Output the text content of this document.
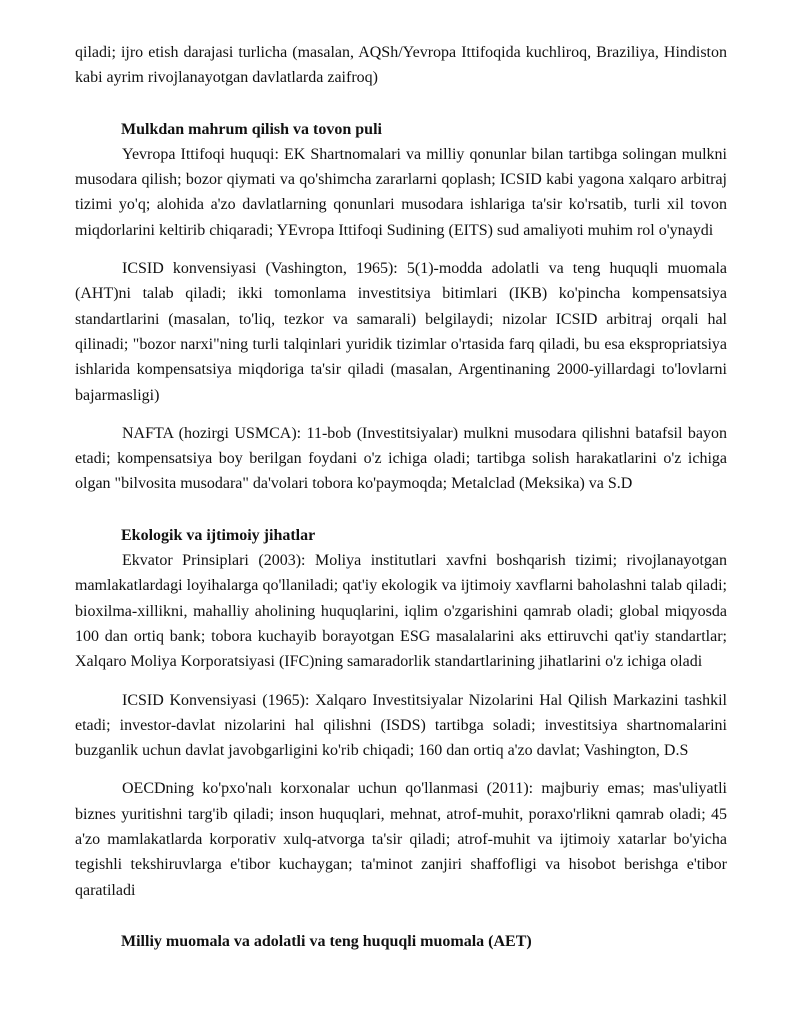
qiladi; ijro etish darajasi turlicha (masalan, AQSh/Yevropa Ittifoqida kuchliroq, Braziliya, Hindiston kabi ayrim rivojlanayotgan davlatlarda zaifroq)

Mulkdan mahrum qilish va tovon puli

Yevropa Ittifoqi huquqi: EK Shartnomalari va milliy qonunlar bilan tartibga solingan mulkni musodara qilish; bozor qiymati va qo'shimcha zararlarni qoplash; ICSID kabi yagona xalqaro arbitraj tizimi yo'q; alohida a'zo davlatlarning qonunlari musodara ishlariga ta'sir ko'rsatib, turli xil tovon miqdorlarini keltirib chiqaradi; YEvropa Ittifoqi Sudining (EITS) sud amaliyoti muhim rol o'ynaydi

ICSID konvensiyasi (Vashington, 1965): 5(1)-modda adolatli va teng huquqli muomala (AHT)ni talab qiladi; ikki tomonlama investitsiya bitimlari (IKB) ko'pincha kompensatsiya standartlarini (masalan, to'liq, tezkor va samarali) belgilaydi; nizolar ICSID arbitraj orqali hal qilinadi; "bozor narxi"ning turli talqinlari yuridik tizimlar o'rtasida farq qiladi, bu esa ekspropriatsiya ishlarida kompensatsiya miqdoriga ta'sir qiladi (masalan, Argentinaning 2000-yillardagi to'lovlarni bajarmasligi)

NAFTA (hozirgi USMCA): 11-bob (Investitsiyalar) mulkni musodara qilishni batafsil bayon etadi; kompensatsiya boy berilgan foydani o'z ichiga oladi; tartibga solish harakatlarini o'z ichiga olgan "bilvosita musodara" da'volari tobora ko'paymoqda; Metalclad (Meksika) va S.D

Ekologik va ijtimoiy jihatlar

Ekvator Prinsiplari (2003): Moliya institutlari xavfni boshqarish tizimi; rivojlanayotgan mamlakatlardagi loyihalarga qo'llaniladi; qat'iy ekologik va ijtimoiy xavflarni baholashni talab qiladi; bioxilma-xillikni, mahalliy aholining huquqlarini, iqlim o'zgarishini qamrab oladi; global miqyosda 100 dan ortiq bank; tobora kuchayib borayotgan ESG masalalarini aks ettiruvchi qat'iy standartlar; Xalqaro Moliya Korporatsiyasi (IFC)ning samaradorlik standartlarining jihatlarini o'z ichiga oladi

ICSID Konvensiyasi (1965): Xalqaro Investitsiyalar Nizolarini Hal Qilish Markazini tashkil etadi; investor-davlat nizolarini hal qilishni (ISDS) tartibga soladi; investitsiya shartnomalarini buzganlik uchun davlat javobgarligini ko'rib chiqadi; 160 dan ortiq a'zo davlat; Vashington, D.S

OECDning ko'pxo'nalı korxonalar uchun qo'llanmasi (2011): majburiy emas; mas'uliyatli biznes yuritishni targ'ib qiladi; inson huquqlari, mehnat, atrof-muhit, poraxo'rlikni qamrab oladi; 45 a'zo mamlakatlarda korporativ xulq-atvorga ta'sir qiladi; atrof-muhit va ijtimoiy xatarlar bo'yicha tegishli tekshiruvlarga e'tibor kuchaygan; ta'minot zanjiri shaffofligi va hisobot berishga e'tibor qaratiladi

Milliy muomala va adolatli va teng huquqli muomala (AET)
